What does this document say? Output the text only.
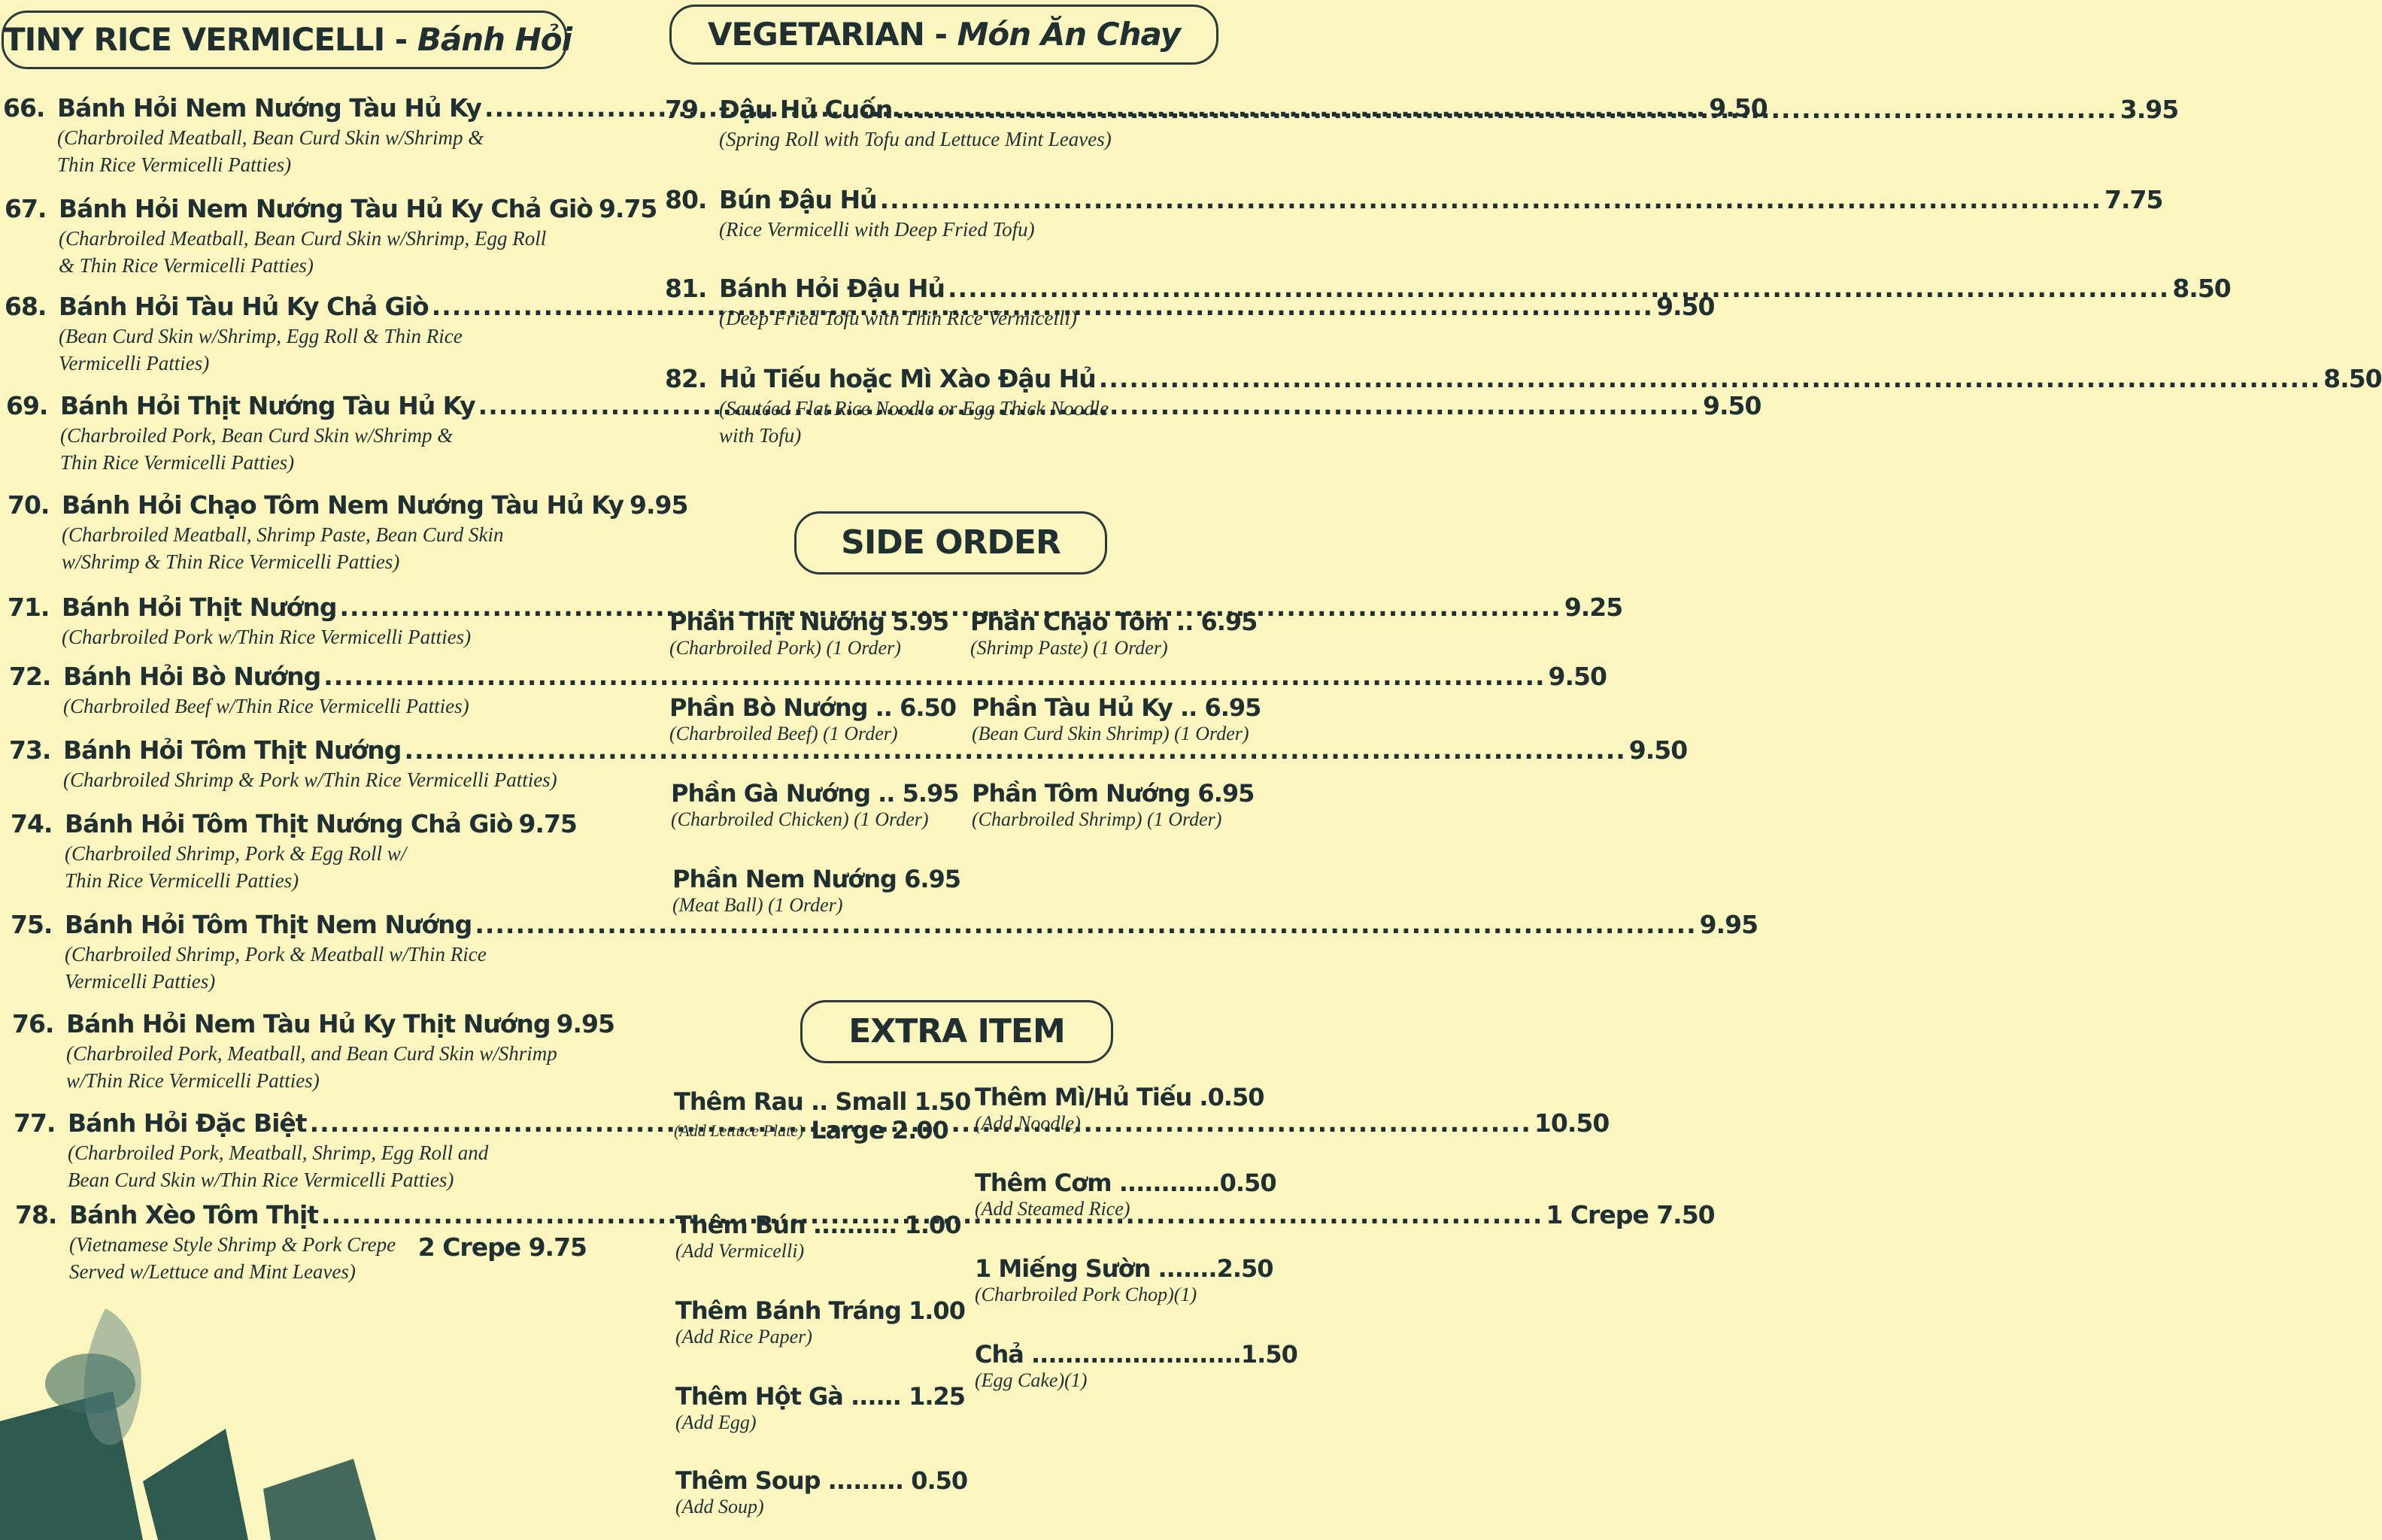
TINY RICE VERMICELLI - Bánh Hỏi
66. Bánh Hỏi Nem Nướng Tàu Hủ Ky .....	9.50
(Charbroiled Meatball, Bean Curd Skin w/Shrimp &
Thin Rice Vermicelli Patties)
67. Bánh Hỏi Nem Nướng Tàu Hủ Ky Chả Giò 9.75
(Charbroiled Meatball, Bean Curd Skin w/Shrimp, Egg Roll
& Thin Rice Vermicelli Patties)
68. Bánh Hỏi Tàu Hủ Ky Chả Giò .....	9.50
(Bean Curd Skin w/Shrimp, Egg Roll & Thin Rice
Vermicelli Patties)
69. Bánh Hỏi Thịt Nướng Tàu Hủ Ky .....	9.50
(Charbroiled Pork, Bean Curd Skin w/Shrimp &
Thin Rice Vermicelli Patties)
70. Bánh Hỏi Chạo Tôm Nem Nướng Tàu Hủ Ky 9.95
(Charbroiled Meatball, Shrimp Paste, Bean Curd Skin
w/Shrimp & Thin Rice Vermicelli Patties)
71. Bánh Hỏi Thịt Nướng .....	9.25
(Charbroiled Pork w/Thin Rice Vermicelli Patties)
72. Bánh Hỏi Bò Nướng .....	9.50
(Charbroiled Beef w/Thin Rice Vermicelli Patties)
73. Bánh Hỏi Tôm Thịt Nướng .....	9.50
(Charbroiled Shrimp & Pork w/Thin Rice Vermicelli Patties)
74. Bánh Hỏi Tôm Thịt Nướng Chả Giò 9.75
(Charbroiled Shrimp, Pork & Egg Roll w/
Thin Rice Vermicelli Patties)
75. Bánh Hỏi Tôm Thịt Nem Nướng .....	9.95
(Charbroiled Shrimp, Pork & Meatball w/Thin Rice
Vermicelli Patties)
76. Bánh Hỏi Nem Tàu Hủ Ky Thịt Nướng 9.95
(Charbroiled Pork, Meatball, and Bean Curd Skin w/Shrimp
w/Thin Rice Vermicelli Patties)
77. Bánh Hỏi Đặc Biệt .....	10.50
(Charbroiled Pork, Meatball, Shrimp, Egg Roll and
Bean Curd Skin w/Thin Rice Vermicelli Patties)
78. Bánh Xèo Tôm Thịt .....	1 Crepe 7.50
(Vietnamese Style Shrimp & Pork Crepe
Served w/Lettuce and Mint Leaves)
2 Crepe 9.75
VEGETARIAN - Món Ăn Chay
79. Đậu Hủ Cuốn .....	3.95
(Spring Roll with Tofu and Lettuce Mint Leaves)
80. Bún Đậu Hủ .....	7.75
(Rice Vermicelli with Deep Fried Tofu)
81. Bánh Hỏi Đậu Hủ .....	8.50
(Deep Fried Tofu with Thin Rice Vermicelli)
82. Hủ Tiếu hoặc Mì Xào Đậu Hủ .....	8.50
(Sautéed Flat Rice Noodle or Egg Thick Noodle
with Tofu)
SIDE ORDER
Phần Thịt Nướng 5.95
(Charbroiled Pork) (1 Order)
Phần Chạo Tôm .. 6.95
(Shrimp Paste) (1 Order)
Phần Bò Nướng .. 6.50
(Charbroiled Beef) (1 Order)
Phần Tàu Hủ Ky .. 6.95
(Bean Curd Skin Shrimp) (1 Order)
Phần Gà Nướng .. 5.95
(Charbroiled Chicken) (1 Order)
Phần Tôm Nướng 6.95
(Charbroiled Shrimp) (1 Order)
Phần Nem Nướng 6.95
(Meat Ball) (1 Order)
EXTRA ITEM
Thêm Rau .. Small 1.50
(Add Lettuce Plate) Large 2.00
Thêm Bún .......... 1.00
(Add Vermicelli)
Thêm Bánh Tráng 1.00
(Add Rice Paper)
Thêm Hột Gà ...... 1.25
(Add Egg)
Thêm Soup ......... 0.50
(Add Soup)
Thêm Mì/Hủ Tiếu .0.50
(Add Noodle)
Thêm Cơm ............0.50
(Add Steamed Rice)
1 Miếng Sườn .......2.50
(Charbroiled Pork Chop)(1)
Chả .........................1.50
(Egg Cake)(1)
